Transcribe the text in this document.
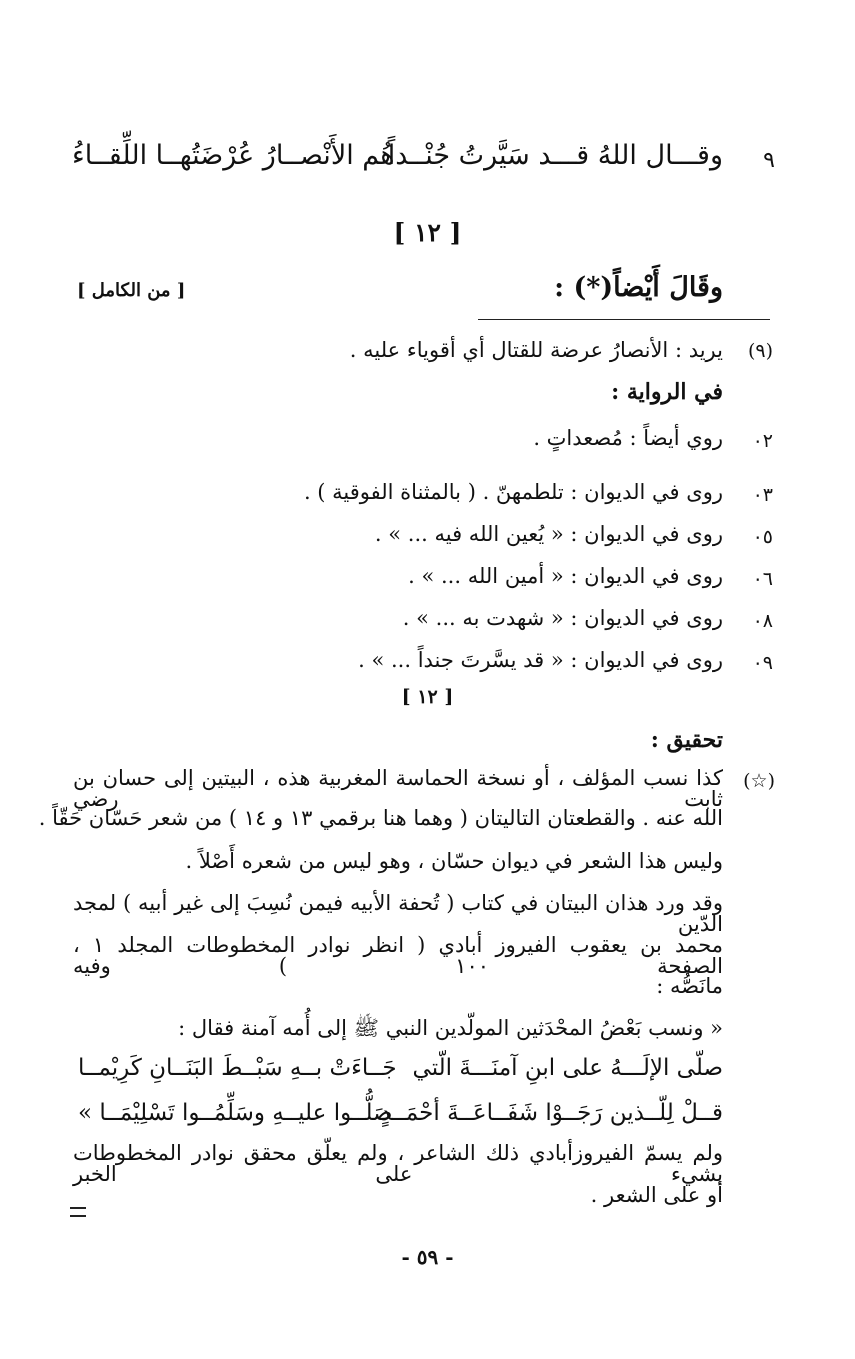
٩
وقـــال اللهُ قـــد سَيَّرتُ جُنْــداً
هُم الأَنْصــارُ عُرْضَتُهــا اللِّقــاءُ
[ ١٢ ]
وقَالَ أَيْضاً(*) :
[ من الكامل ]
(٩)
يريد : الأنصارُ عرضة للقتال أي أقوياء عليه .
في الرواية :
٠٢
روي أيضاً : مُصعداتٍ .
٠٣
روى في الديوان : تلطمهنّ . ( بالمثناة الفوقية ) .
٠٥
روى في الديوان : « يُعين الله فيه ... » .
٠٦
روى في الديوان : « أمين الله ... » .
٠٨
روى في الديوان : « شهدت به ... » .
٠٩
روى في الديوان : « قد يسَّرتَ جنداً ... » .
[ ١٢ ]
تحقيق :
(☆)
كذا نسب المؤلف ، أو نسخة الحماسة المغربية هذه ، البيتين إلى حسان بن ثابت رضي
الله عنه . والقطعتان التاليتان ( وهما هنا برقمي ١٣ و ١٤ ) من شعر حَسّان حَقّاً .
وليس هذا الشعر في ديوان حسّان ، وهو ليس من شعره أَصْلاً .
وقد ورد هذان البيتان في كتاب ( تُحفة الأبيه فيمن نُسِبَ إلى غير أبيه ) لمجد الدّين
محمد بن يعقوب الفيروز أبادي ( انظر نوادر المخطوطات المجلد ١ ، الصفحة ١٠٠ ) وفيه
مانَصُّه :
« ونسب بَعْضُ المحْدَثين المولّدين النبي ﷺ إلى أُمه آمنة فقال :
صلّى الإلَـــهُ على ابنِ آمنَـــةَ الّتي
جَــاءَتْ بــهِ سَبْــطَ البَنَــانِ كَرِيْمــا
قــلْ لِلّــذين رَجَــوْا شَفَــاعَــةَ أحْمَــدٍ
صَلُّــوا عليــهِ وسَلِّمُــوا تَسْلِيْمَــا »
ولم يسمّ الفيروزأبادي ذلك الشاعر ، ولم يعلّق محقق نوادر المخطوطات بشيء على الخبر
أو على الشعر .
- ٥٩ -
